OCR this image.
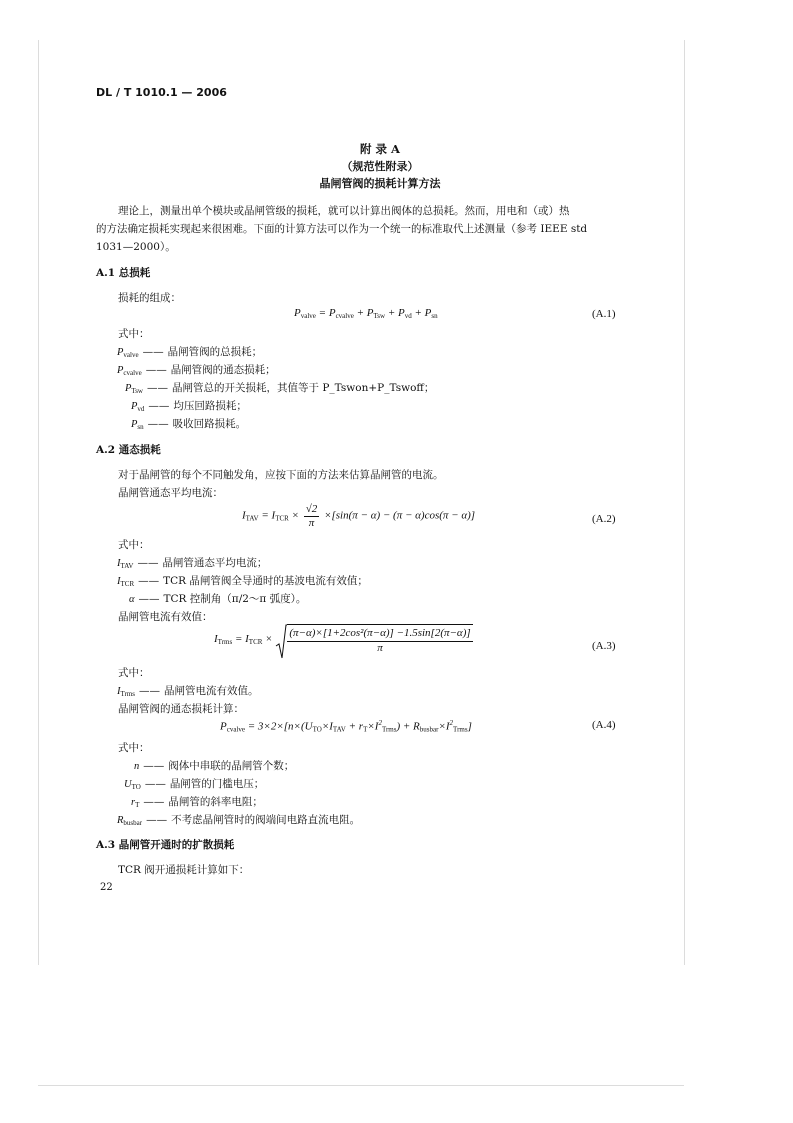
DL / T 1010.1 — 2006
附 录 A
（规范性附录）
晶闸管阀的损耗计算方法
理论上，测量出单个模块或晶闸管级的损耗，就可以计算出阀体的总损耗。然而，用电和（或）热
的方法确定损耗实现起来很困难。下面的计算方法可以作为一个统一的标准取代上述测量（参考 IEEE std
1031—2000）。
A.1 总损耗
损耗的组成：
$P_{valve} = P_{cvalve} + P_{Tsw} + P_{vd} + P_{sn}$	(A.1)
式中：
$P_{valve}$ —— 晶闸管阀的总损耗；
$P_{cvalve}$ —— 晶闸管阀的通态损耗；
$P_{Tsw}$ —— 晶闸管总的开关损耗，其值等于 P_Tswon+P_Tswoff；
$P_{vd}$ —— 均压回路损耗；
$P_{sn}$ —— 吸收回路损耗。
A.2 通态损耗
对于晶闸管的每个不同触发角，应按下面的方法来估算晶闸管的电流。
晶闸管通态平均电流：
$I_{TAV} = I_{TCR} \times \frac{√2}{\pi} \times[\sin(\pi - \alpha) - (\pi - \alpha)\cos(\pi - \alpha)]$	(A.2)
式中：
$I_{TAV}$ —— 晶闸管通态平均电流；
$I_{TCR}$ —— TCR 晶闸管阀全导通时的基波电流有效值；
α —— TCR 控制角（π/2～π 弧度）。
晶闸管电流有效值：
$I_{Trms} = I_{TCR} \times \frac{\text{(π−α)×[1+2cos²(π−α)] −1.5sin[2(π−α)]}}{\pi}$	(A.3)
式中：
$I_{Trms}$ —— 晶闸管电流有效值。
晶闸管阀的通态损耗计算：
$P_{cvalve} = 3\times 2\times[n\times(U_{TO}\times I_{TAV} + r_T\times I^2_{Trms}) + R_{busbar}\times I^2_{Trms}]$	(A.4)
式中：
n —— 阀体中串联的晶闸管个数；
$U_{TO}$ —— 晶闸管的门槛电压；
$r_T$ —— 晶闸管的斜率电阻；
$R_{busbar}$ —— 不考虑晶闸管时的阀端间电路直流电阻。
A.3 晶闸管开通时的扩散损耗
TCR 阀开通损耗计算如下：
22
